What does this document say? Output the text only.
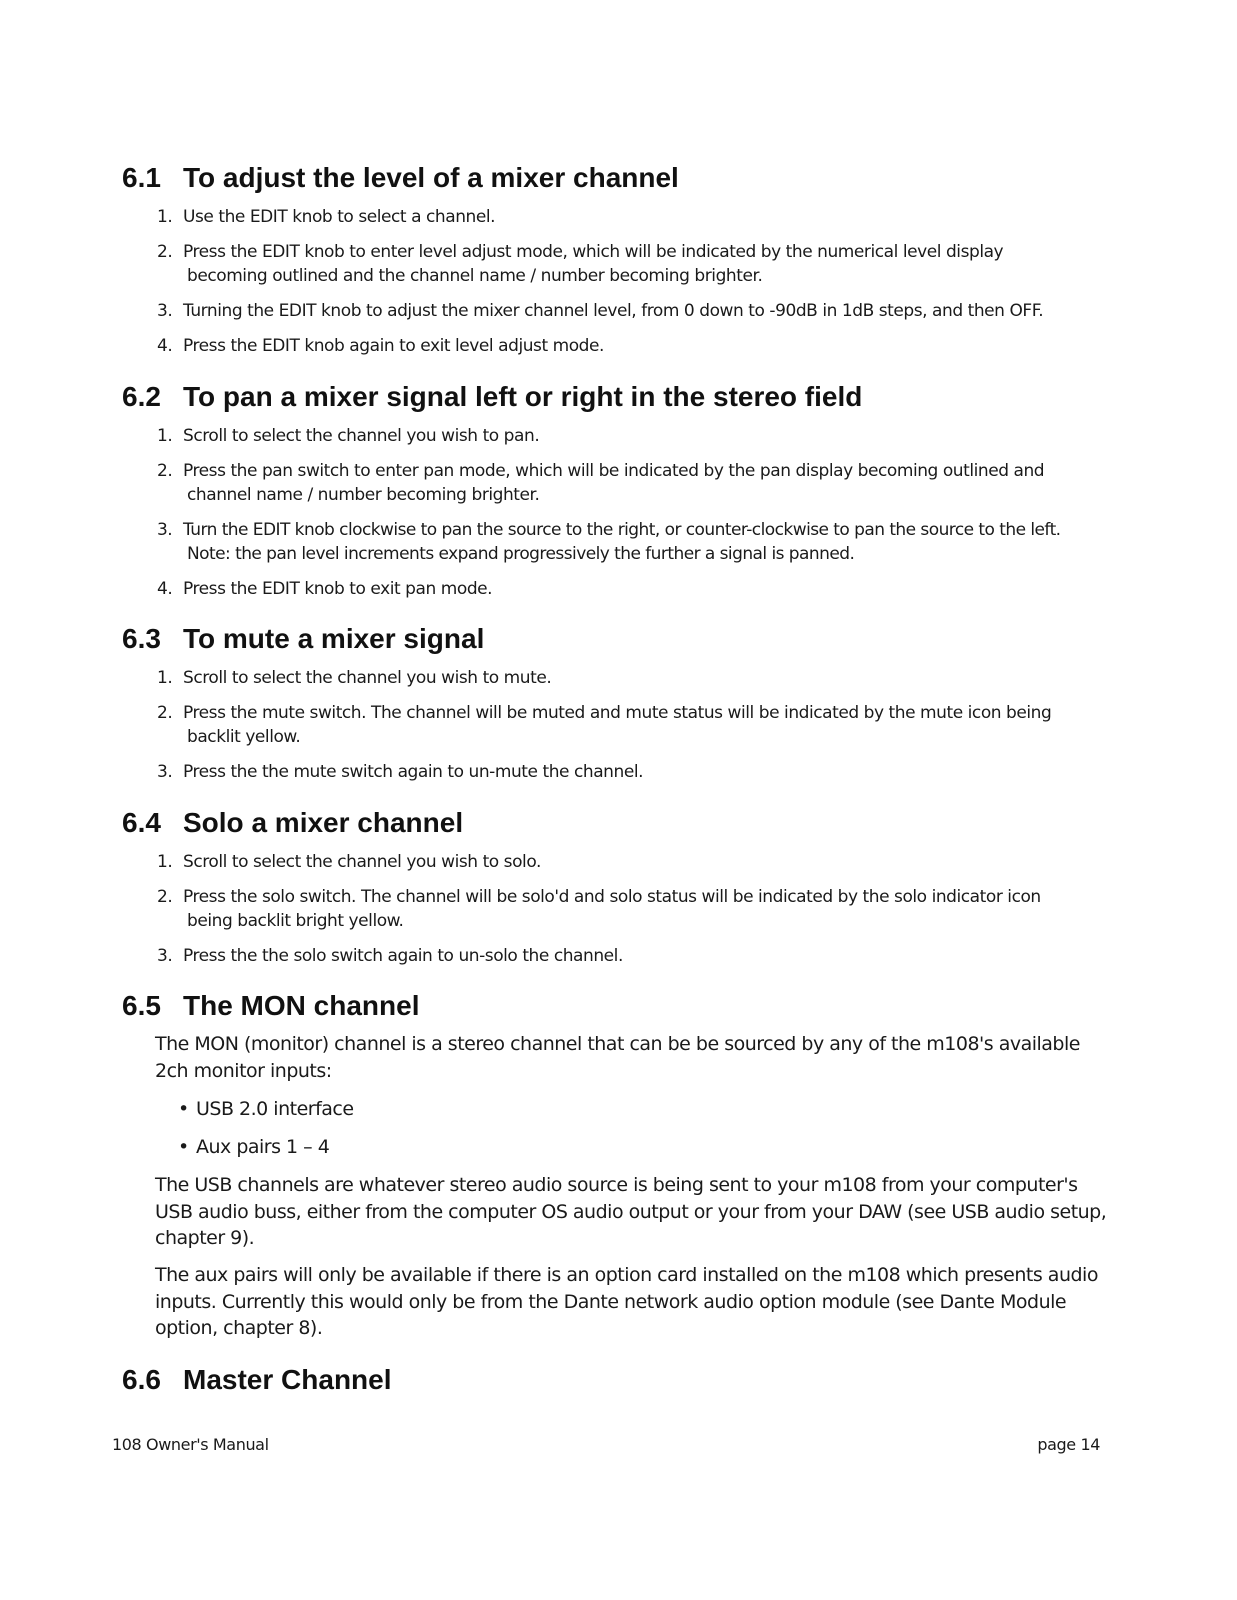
6.1 To adjust the level of a mixer channel
1. Use the EDIT knob to select a channel.
2. Press the EDIT knob to enter level adjust mode, which will be indicated by the numerical level display
becoming outlined and the channel name / number becoming brighter.
3. Turning the EDIT knob to adjust the mixer channel level, from 0 down to -90dB in 1dB steps, and then OFF.
4. Press the EDIT knob again to exit level adjust mode.
6.2 To pan a mixer signal left or right in the stereo field
1. Scroll to select the channel you wish to pan.
2. Press the pan switch to enter pan mode, which will be indicated by the pan display becoming outlined and
channel name / number becoming brighter.
3. Turn the EDIT knob clockwise to pan the source to the right, or counter-clockwise to pan the source to the left.
Note: the pan level increments expand progressively the further a signal is panned.
4. Press the EDIT knob to exit pan mode.
6.3 To mute a mixer signal
1. Scroll to select the channel you wish to mute.
2. Press the mute switch. The channel will be muted and mute status will be indicated by the mute icon being
backlit yellow.
3. Press the the mute switch again to un-mute the channel.
6.4 Solo a mixer channel
1. Scroll to select the channel you wish to solo.
2. Press the solo switch. The channel will be solo'd and solo status will be indicated by the solo indicator icon
being backlit bright yellow.
3. Press the the solo switch again to un-solo the channel.
6.5 The MON channel

The MON (monitor) channel is a stereo channel that can be be sourced by any of the m108's available
2ch monitor inputs:

• USB 2.0 interface
• Aux pairs 1 – 4

The USB channels are whatever stereo audio source is being sent to your m108 from your computer's
USB audio buss, either from the computer OS audio output or your from your DAW (see USB audio setup,
chapter 9).

The aux pairs will only be available if there is an option card installed on the m108 which presents audio
inputs. Currently this would only be from the Dante network audio option module (see Dante Module
option, chapter 8).

6.6 Master Channel
108 Owner's Manual	page 14
